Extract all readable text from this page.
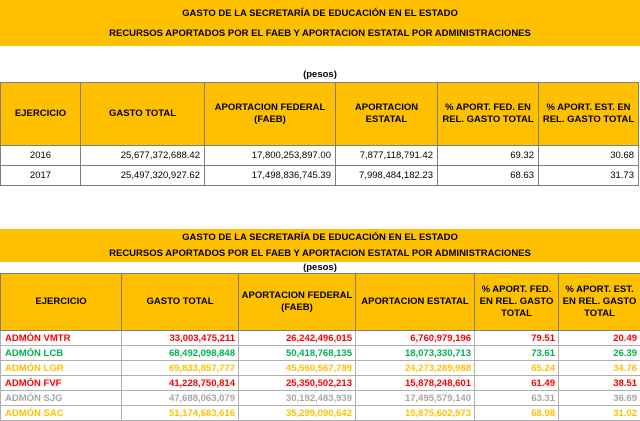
GASTO DE LA SECRETARÍA DE EDUCACIÓN EN EL ESTADO
RECURSOS APORTADOS POR EL FAEB Y APORTACION ESTATAL POR ADMINISTRACIONES
(pesos)
EJERCICIO	GASTO TOTAL	APORTACION FEDERAL (FAEB)	APORTACION ESTATAL	% APORT. FED. EN REL. GASTO TOTAL	% APORT. EST. EN REL. GASTO TOTAL
2016	25,677,372,688.42	17,800,253,897.00	7,877,118,791.42	69.32	30.68
2017	25,497,320,927.62	17,498,836,745.39	7,998,484,182.23	68.63	31.73
GASTO DE LA SECRETARÍA DE EDUCACIÓN EN EL ESTADO
RECURSOS APORTADOS POR EL FAEB Y APORTACION ESTATAL POR ADMINISTRACIONES
(pesos)
EJERCICIO	GASTO TOTAL	APORTACION FEDERAL (FAEB)	APORTACION ESTATAL	% APORT. FED. EN REL. GASTO TOTAL	% APORT. EST. EN REL. GASTO TOTAL
ADMÓN VMTR	33,003,475,211	26,242,496,015	6,760,979,196	79.51	20.49
ADMÓN LCB	68,492,098,848	50,418,768,135	18,073,330,713	73.61	26.39
ADMÓN LGR	69,833,857,777	45,560,567,789	24,273,289,988	65.24	34.76
ADMÓN FVF	41,228,750,814	25,350,502,213	15,878,248,601	61.49	38.51
ADMÓN SJG	47,688,063,079	30,192,483,939	17,495,579,140	63.31	36.69
ADMÓN SAC	51,174,683,616	35,299,090,642	15,875,602,973	68.98	31.02
